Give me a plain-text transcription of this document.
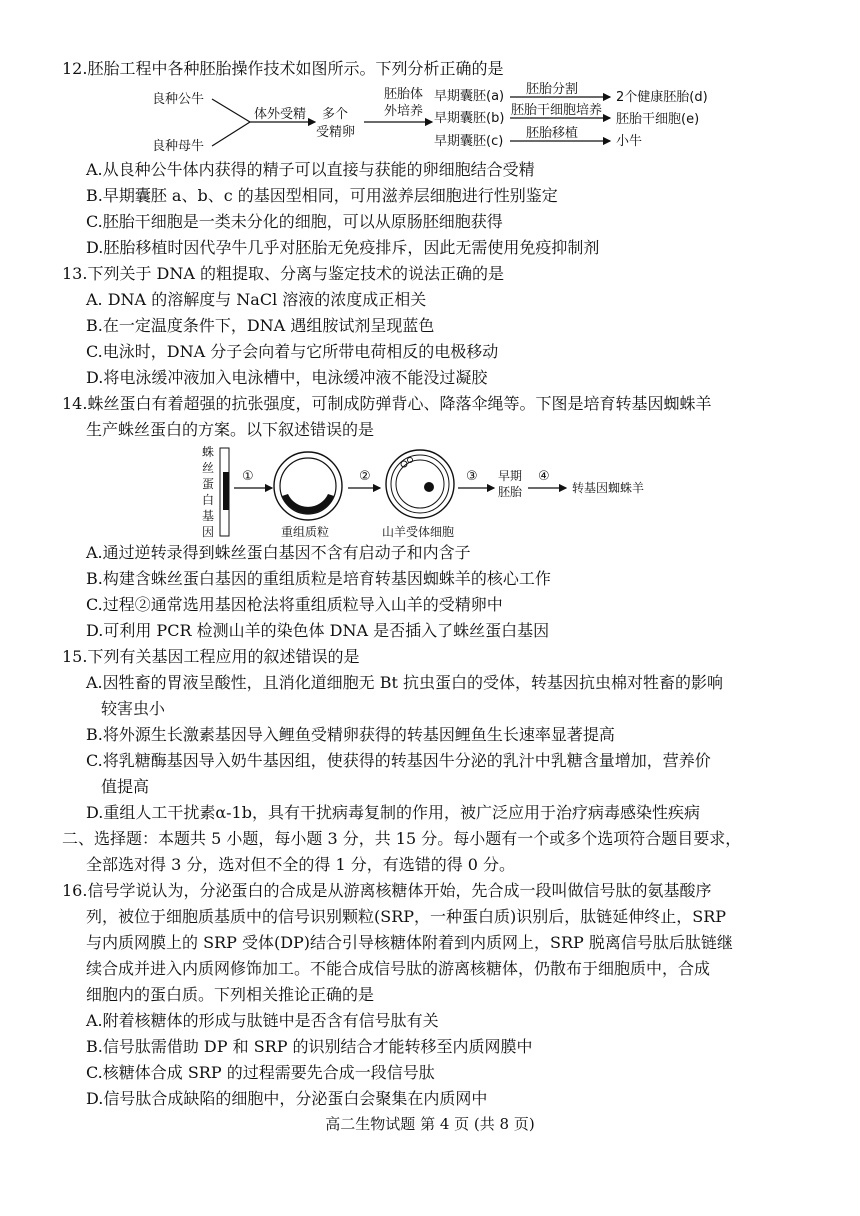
12.胚胎工程中各种胚胎操作技术如图所示。下列分析正确的是
良种公牛
良种母牛
体外受精 多个
受精卵
胚胎体
外培养
早期囊胚(a)
早期囊胚(b)
早期囊胚(c)
胚胎分割
胚胎干细胞培养
胚胎移植
2个健康胚胎(d)
胚胎干细胞(e)
小牛
A.从良种公牛体内获得的精子可以直接与获能的卵细胞结合受精
B.早期囊胚 a、b、c 的基因型相同，可用滋养层细胞进行性别鉴定
C.胚胎干细胞是一类未分化的细胞，可以从原肠胚细胞获得
D.胚胎移植时因代孕牛几乎对胚胎无免疫排斥，因此无需使用免疫抑制剂
13.下列关于 DNA 的粗提取、分离与鉴定技术的说法正确的是
A. DNA 的溶解度与 NaCl 溶液的浓度成正相关
B.在一定温度条件下，DNA 遇组胺试剂呈现蓝色
C.电泳时，DNA 分子会向着与它所带电荷相反的电极移动
D.将电泳缓冲液加入电泳槽中，电泳缓冲液不能没过凝胶
14.蛛丝蛋白有着超强的抗张强度，可制成防弹背心、降落伞绳等。下图是培育转基因蜘蛛羊
生产蛛丝蛋白的方案。以下叙述错误的是
蛛
丝
蛋
白
基
因
①
重组质粒
②
山羊受体细胞
③ 早期
胚胎
④
转基因蜘蛛羊
A.通过逆转录得到蛛丝蛋白基因不含有启动子和内含子
B.构建含蛛丝蛋白基因的重组质粒是培育转基因蜘蛛羊的核心工作
C.过程②通常选用基因枪法将重组质粒导入山羊的受精卵中
D.可利用 PCR 检测山羊的染色体 DNA 是否插入了蛛丝蛋白基因
15.下列有关基因工程应用的叙述错误的是
A.因牲畜的胃液呈酸性，且消化道细胞无 Bt 抗虫蛋白的受体，转基因抗虫棉对牲畜的影响
较害虫小
B.将外源生长激素基因导入鲤鱼受精卵获得的转基因鲤鱼生长速率显著提高
C.将乳糖酶基因导入奶牛基因组，使获得的转基因牛分泌的乳汁中乳糖含量增加，营养价
值提高
D.重组人工干扰素α-1b，具有干扰病毒复制的作用，被广泛应用于治疗病毒感染性疾病
二、选择题：本题共 5 小题，每小题 3 分，共 15 分。每小题有一个或多个选项符合题目要求，
全部选对得 3 分，选对但不全的得 1 分，有选错的得 0 分。
16.信号学说认为，分泌蛋白的合成是从游离核糖体开始，先合成一段叫做信号肽的氨基酸序
列，被位于细胞质基质中的信号识别颗粒(SRP，一种蛋白质)识别后，肽链延伸终止，SRP
与内质网膜上的 SRP 受体(DP)结合引导核糖体附着到内质网上，SRP 脱离信号肽后肽链继
续合成并进入内质网修饰加工。不能合成信号肽的游离核糖体，仍散布于细胞质中，合成
细胞内的蛋白质。下列相关推论正确的是
A.附着核糖体的形成与肽链中是否含有信号肽有关
B.信号肽需借助 DP 和 SRP 的识别结合才能转移至内质网膜中
C.核糖体合成 SRP 的过程需要先合成一段信号肽
D.信号肽合成缺陷的细胞中，分泌蛋白会聚集在内质网中
高二生物试题 第 4 页 (共 8 页)
